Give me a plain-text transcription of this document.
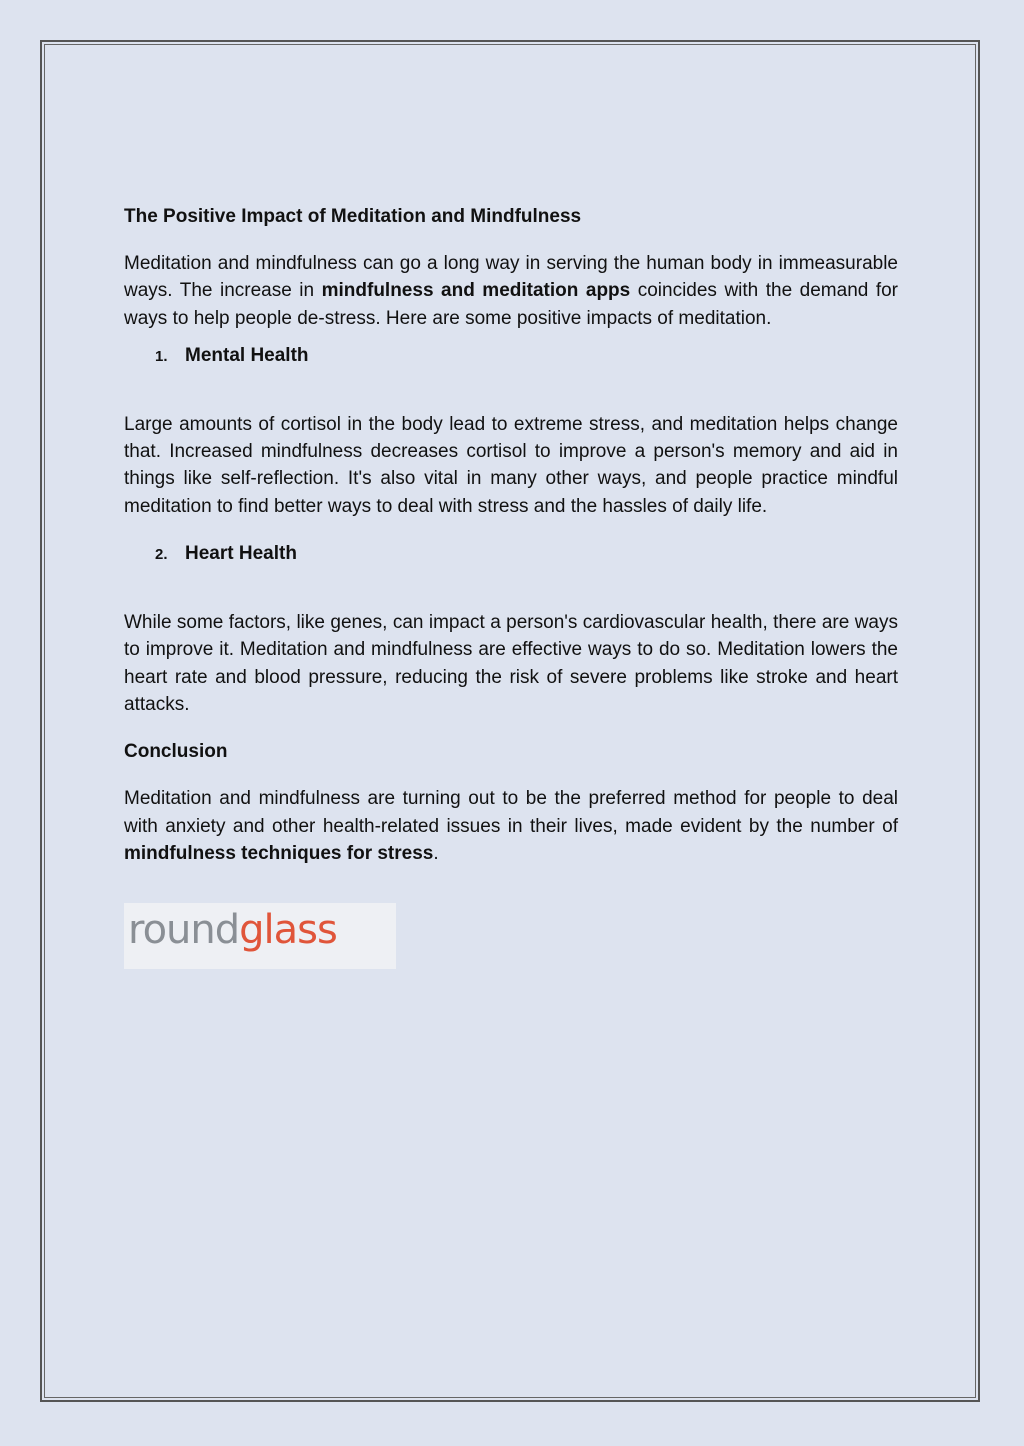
The Positive Impact of Meditation and Mindfulness

Meditation and mindfulness can go a long way in serving the human body in immeasurable ways. The increase in mindfulness and meditation apps coincides with the demand for ways to help people de-stress. Here are some positive impacts of meditation.

1. Mental Health

Large amounts of cortisol in the body lead to extreme stress, and meditation helps change that. Increased mindfulness decreases cortisol to improve a person's memory and aid in things like self-reflection. It's also vital in many other ways, and people practice mindful meditation to find better ways to deal with stress and the hassles of daily life.

2. Heart Health

While some factors, like genes, can impact a person's cardiovascular health, there are ways to improve it. Meditation and mindfulness are effective ways to do so. Meditation lowers the heart rate and blood pressure, reducing the risk of severe problems like stroke and heart attacks.

Conclusion

Meditation and mindfulness are turning out to be the preferred method for people to deal with anxiety and other health-related issues in their lives, made evident by the number of mindfulness techniques for stress.

roundglass
